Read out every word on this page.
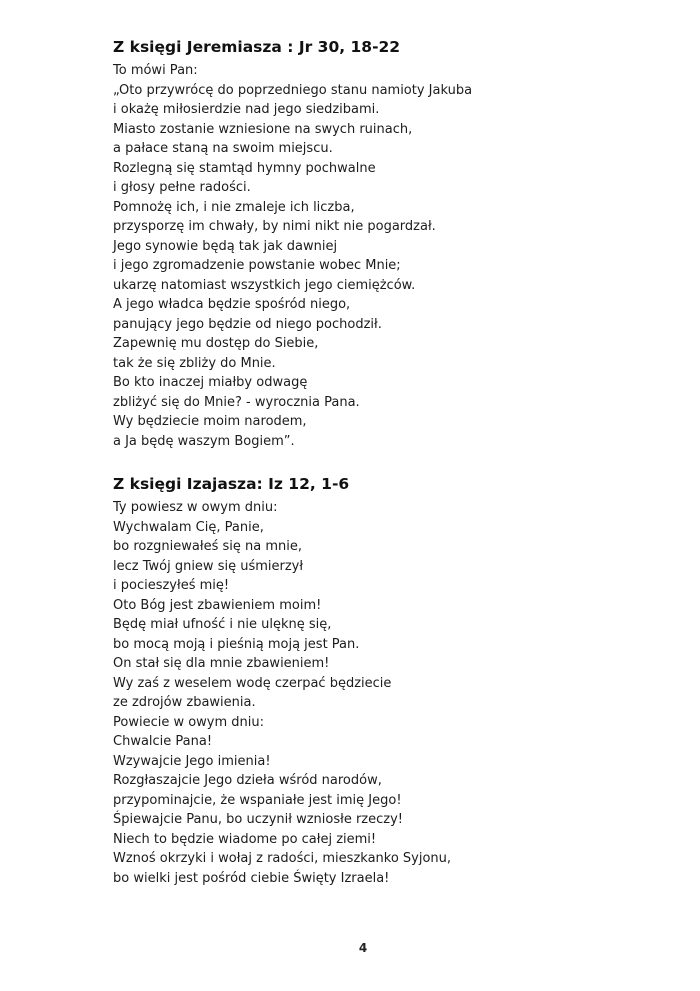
Z księgi Jeremiasza : Jr 30, 18-22
To mówi Pan:
„Oto przywrócę do poprzedniego stanu namioty Jakuba
i okażę miłosierdzie nad jego siedzibami.
Miasto zostanie wzniesione na swych ruinach,
a pałace staną na swoim miejscu.
Rozlegną się stamtąd hymny pochwalne
i głosy pełne radości.
Pomnożę ich, i nie zmaleje ich liczba,
przysporzę im chwały, by nimi nikt nie pogardzał.
Jego synowie będą tak jak dawniej
i jego zgromadzenie powstanie wobec Mnie;
ukarzę natomiast wszystkich jego ciemiężców.
A jego władca będzie spośród niego,
panujący jego będzie od niego pochodził.
Zapewnię mu dostęp do Siebie,
tak że się zbliży do Mnie.
Bo kto inaczej miałby odwagę
zbliżyć się do Mnie? - wyrocznia Pana.
Wy będziecie moim narodem,
a Ja będę waszym Bogiem”.
Z księgi Izajasza: Iz 12, 1-6
Ty powiesz w owym dniu:
Wychwalam Cię, Panie,
bo rozgniewałeś się na mnie,
lecz Twój gniew się uśmierzył
i pocieszyłeś mię!
Oto Bóg jest zbawieniem moim!
Będę miał ufność i nie ulęknę się,
bo mocą moją i pieśnią moją jest Pan.
On stał się dla mnie zbawieniem!
Wy zaś z weselem wodę czerpać będziecie
ze zdrojów zbawienia.
Powiecie w owym dniu:
Chwalcie Pana!
Wzywajcie Jego imienia!
Rozgłaszajcie Jego dzieła wśród narodów,
przypominajcie, że wspaniałe jest imię Jego!
Śpiewajcie Panu, bo uczynił wzniosłe rzeczy!
Niech to będzie wiadome po całej ziemi!
Wznoś okrzyki i wołaj z radości, mieszkanko Syjonu,
bo wielki jest pośród ciebie Święty Izraela!
4
